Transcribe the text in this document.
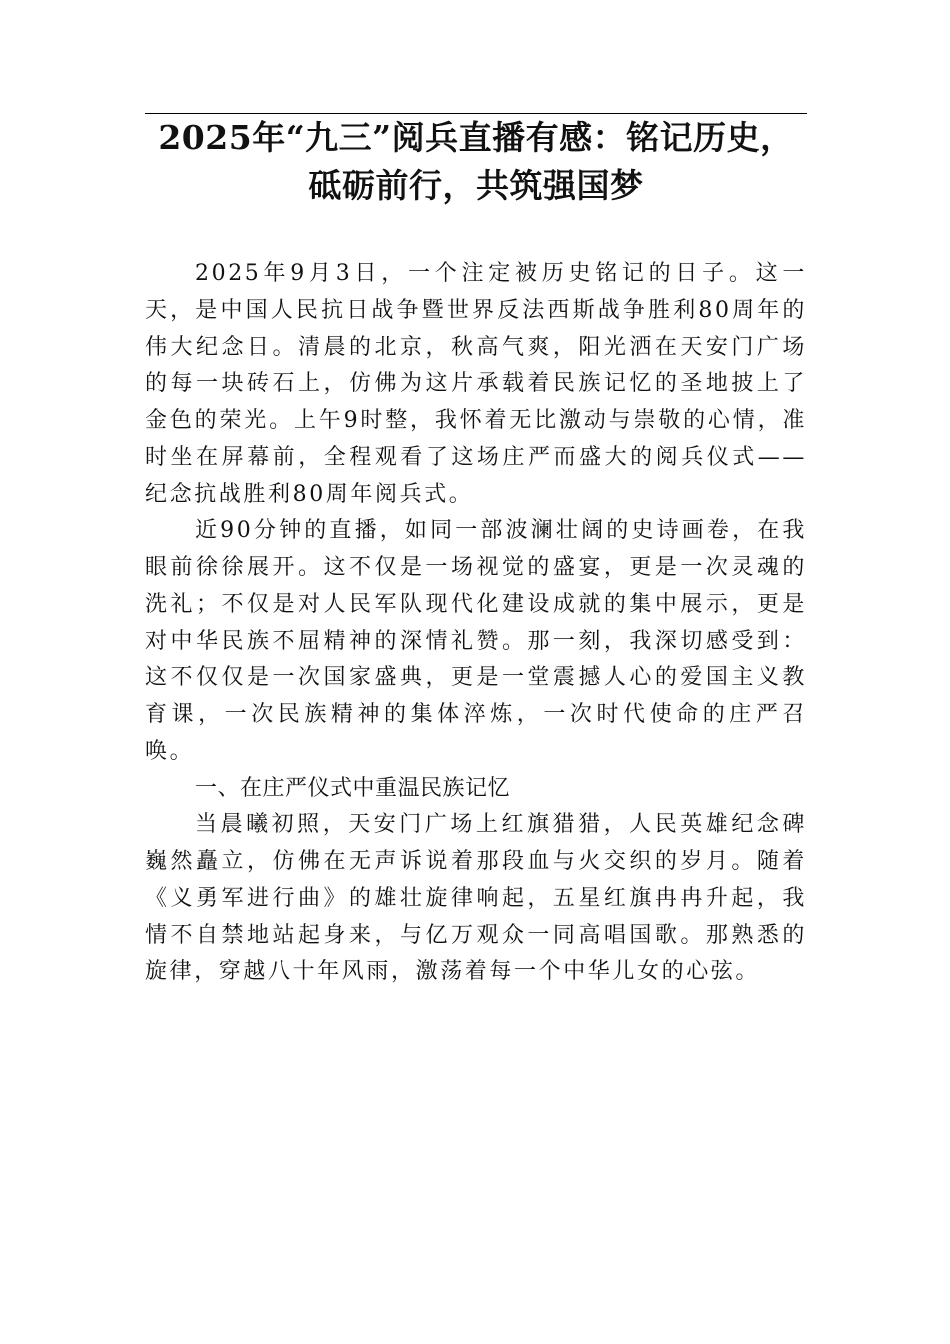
2025年“九三”阅兵直播有感：铭记历史，砥砺前行，共筑强国梦

2025年9月3日，一个注定被历史铭记的日子。这一天，是中国人民抗日战争暨世界反法西斯战争胜利80周年的伟大纪念日。清晨的北京，秋高气爽，阳光洒在天安门广场的每一块砖石上，仿佛为这片承载着民族记忆的圣地披上了金色的荣光。上午9时整，我怀着无比激动与崇敬的心情，准时坐在屏幕前，全程观看了这场庄严而盛大的阅兵仪式——纪念抗战胜利80周年阅兵式。

近90分钟的直播，如同一部波澜壮阔的史诗画卷，在我眼前徐徐展开。这不仅是一场视觉的盛宴，更是一次灵魂的洗礼；不仅是对人民军队现代化建设成就的集中展示，更是对中华民族不屈精神的深情礼赞。那一刻，我深切感受到：这不仅仅是一次国家盛典，更是一堂震撼人心的爱国主义教育课，一次民族精神的集体淬炼，一次时代使命的庄严召唤。

一、在庄严仪式中重温民族记忆

当晨曦初照，天安门广场上红旗猎猎，人民英雄纪念碑巍然矗立，仿佛在无声诉说着那段血与火交织的岁月。随着《义勇军进行曲》的雄壮旋律响起，五星红旗冉冉升起，我情不自禁地站起身来，与亿万观众一同高唱国歌。那熟悉的旋律，穿越八十年风雨，激荡着每一个中华儿女的心弦。
